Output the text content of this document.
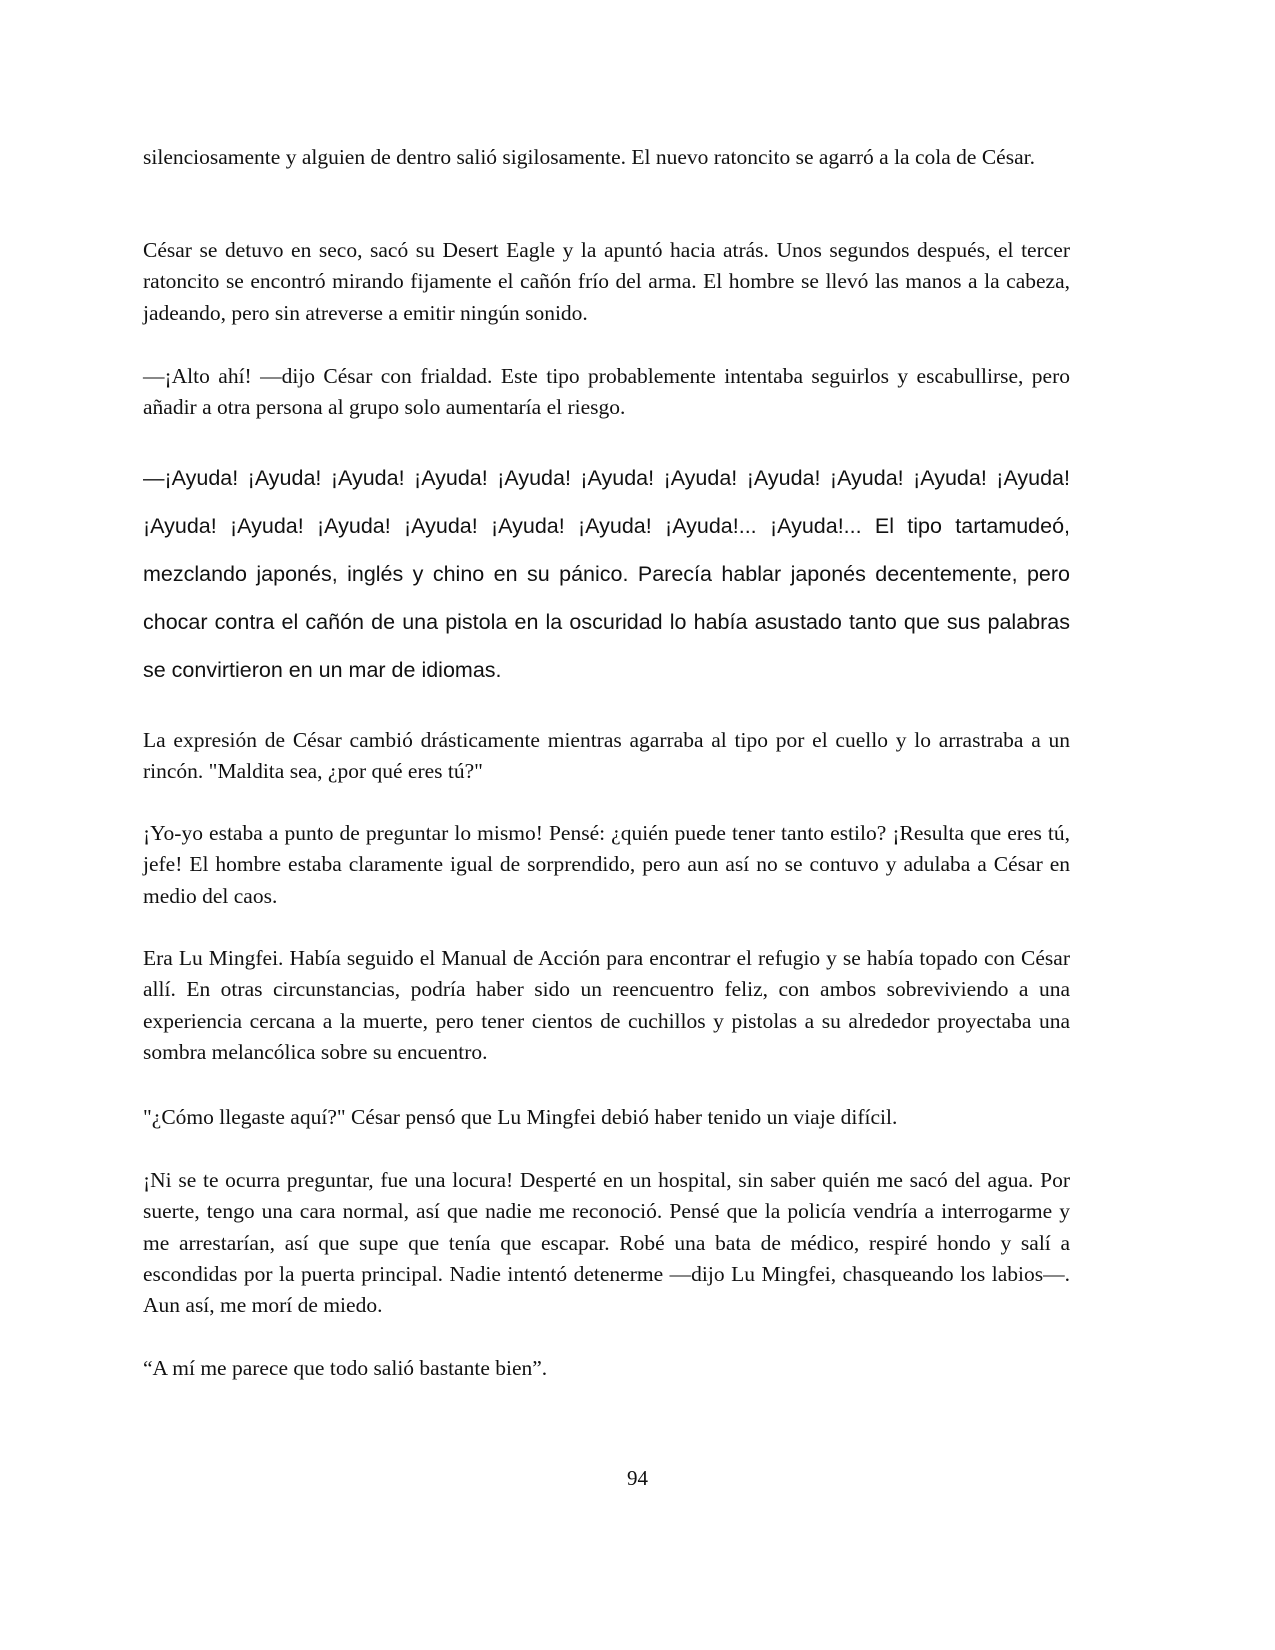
silenciosamente y alguien de dentro salió sigilosamente. El nuevo ratoncito se agarró a la cola de César.

César se detuvo en seco, sacó su Desert Eagle y la apuntó hacia atrás. Unos segundos después, el tercer ratoncito se encontró mirando fijamente el cañón frío del arma. El hombre se llevó las manos a la cabeza, jadeando, pero sin atreverse a emitir ningún sonido.

—¡Alto ahí! —dijo César con frialdad. Este tipo probablemente intentaba seguirlos y escabullirse, pero añadir a otra persona al grupo solo aumentaría el riesgo.

—¡Ayuda! ¡Ayuda! ¡Ayuda! ¡Ayuda! ¡Ayuda! ¡Ayuda! ¡Ayuda! ¡Ayuda! ¡Ayuda! ¡Ayuda! ¡Ayuda! ¡Ayuda! ¡Ayuda! ¡Ayuda! ¡Ayuda! ¡Ayuda! ¡Ayuda! ¡Ayuda!... ¡Ayuda!... El tipo tartamudeó, mezclando japonés, inglés y chino en su pánico. Parecía hablar japonés decentemente, pero chocar contra el cañón de una pistola en la oscuridad lo había asustado tanto que sus palabras se convirtieron en un mar de idiomas.

La expresión de César cambió drásticamente mientras agarraba al tipo por el cuello y lo arrastraba a un rincón. "Maldita sea, ¿por qué eres tú?"

¡Yo-yo estaba a punto de preguntar lo mismo! Pensé: ¿quién puede tener tanto estilo? ¡Resulta que eres tú, jefe! El hombre estaba claramente igual de sorprendido, pero aun así no se contuvo y adulaba a César en medio del caos.

Era Lu Mingfei. Había seguido el Manual de Acción para encontrar el refugio y se había topado con César allí. En otras circunstancias, podría haber sido un reencuentro feliz, con ambos sobreviviendo a una experiencia cercana a la muerte, pero tener cientos de cuchillos y pistolas a su alrededor proyectaba una sombra melancólica sobre su encuentro.

"¿Cómo llegaste aquí?" César pensó que Lu Mingfei debió haber tenido un viaje difícil.

¡Ni se te ocurra preguntar, fue una locura! Desperté en un hospital, sin saber quién me sacó del agua. Por suerte, tengo una cara normal, así que nadie me reconoció. Pensé que la policía vendría a interrogarme y me arrestarían, así que supe que tenía que escapar. Robé una bata de médico, respiré hondo y salí a escondidas por la puerta principal. Nadie intentó detenerme —dijo Lu Mingfei, chasqueando los labios—. Aun así, me morí de miedo.

“A mí me parece que todo salió bastante bien”.

94
